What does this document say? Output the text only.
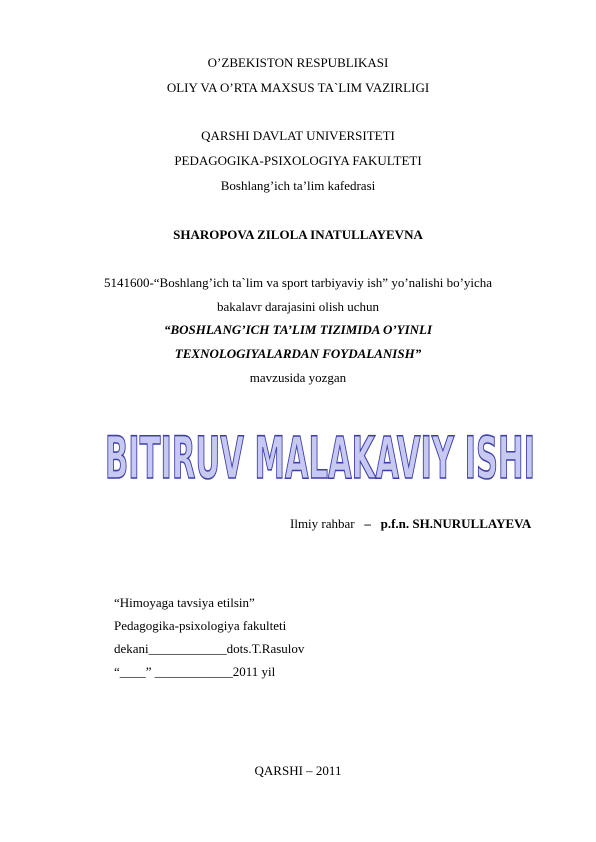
O’ZBEKISTON RESPUBLIKASI
OLIY VA O’RTA MAXSUS TA`LIM VAZIRLIGI
QARSHI DAVLAT UNIVERSITETI
PEDAGOGIKA-PSIXOLOGIYA FAKULTETI
Boshlang’ich ta’lim kafedrasi
SHAROPOVA ZILOLA INATULLAYEVNA
5141600-“Boshlang’ich ta`lim va sport tarbiyaviy ish” yo’nalishi bo’yicha
bakalavr darajasini olish uchun
“BOSHLANG’ICH TA’LIM TIZIMIDA O’YINLI
TEXNOLOGIYALARDAN FOYDALANISH”
mavzusida yozgan
BITIRUV MALAKAVIY ISHI
Ilmiy rahbar – p.f.n. SH.NURULLAYEVA
“Himoyaga tavsiya etilsin”
Pedagogika-psixologiya fakulteti
dekani____________dots.T.Rasulov
“____” ____________2011 yil
QARSHI – 2011
